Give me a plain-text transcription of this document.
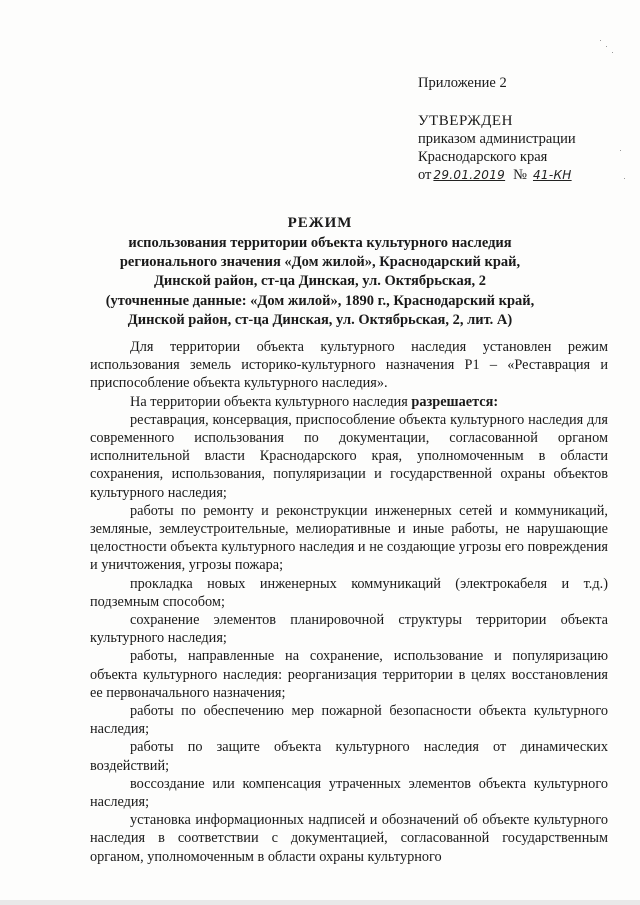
Приложение 2
УТВЕРЖДЕН
приказом администрации
Краснодарского края
от 29.01.2019 № 41-КН
РЕЖИМ
использования территории объекта культурного наследия
регионального значения «Дом жилой», Краснодарский край,
Динской район, ст-ца Динская, ул. Октябрьская, 2
(уточненные данные: «Дом жилой», 1890 г., Краснодарский край,
Динской район, ст-ца Динская, ул. Октябрьская, 2, лит. А)

Для территории объекта культурного наследия установлен режим использования земель историко-культурного назначения Р1 – «Реставрация и приспособление объекта культурного наследия».

На территории объекта культурного наследия разрешается:

реставрация, консервация, приспособление объекта культурного наследия для современного использования по документации, согласованной органом исполнительной власти Краснодарского края, уполномоченным в области сохранения, использования, популяризации и государственной охраны объектов культурного наследия;

работы по ремонту и реконструкции инженерных сетей и коммуникаций, земляные, землеустроительные, мелиоративные и иные работы, не нарушающие целостности объекта культурного наследия и не создающие угрозы его повреждения и уничтожения, угрозы пожара;

прокладка новых инженерных коммуникаций (электрокабеля и т.д.) подземным способом;

сохранение элементов планировочной структуры территории объекта культурного наследия;

работы, направленные на сохранение, использование и популяризацию объекта культурного наследия: реорганизация территории в целях восстановления ее первоначального назначения;

работы по обеспечению мер пожарной безопасности объекта культурного наследия;

работы по защите объекта культурного наследия от динамических воздействий;

воссоздание или компенсация утраченных элементов объекта культурного наследия;

установка информационных надписей и обозначений об объекте культурного наследия в соответствии с документацией, согласованной государственным органом, уполномоченным в области охраны культурного
